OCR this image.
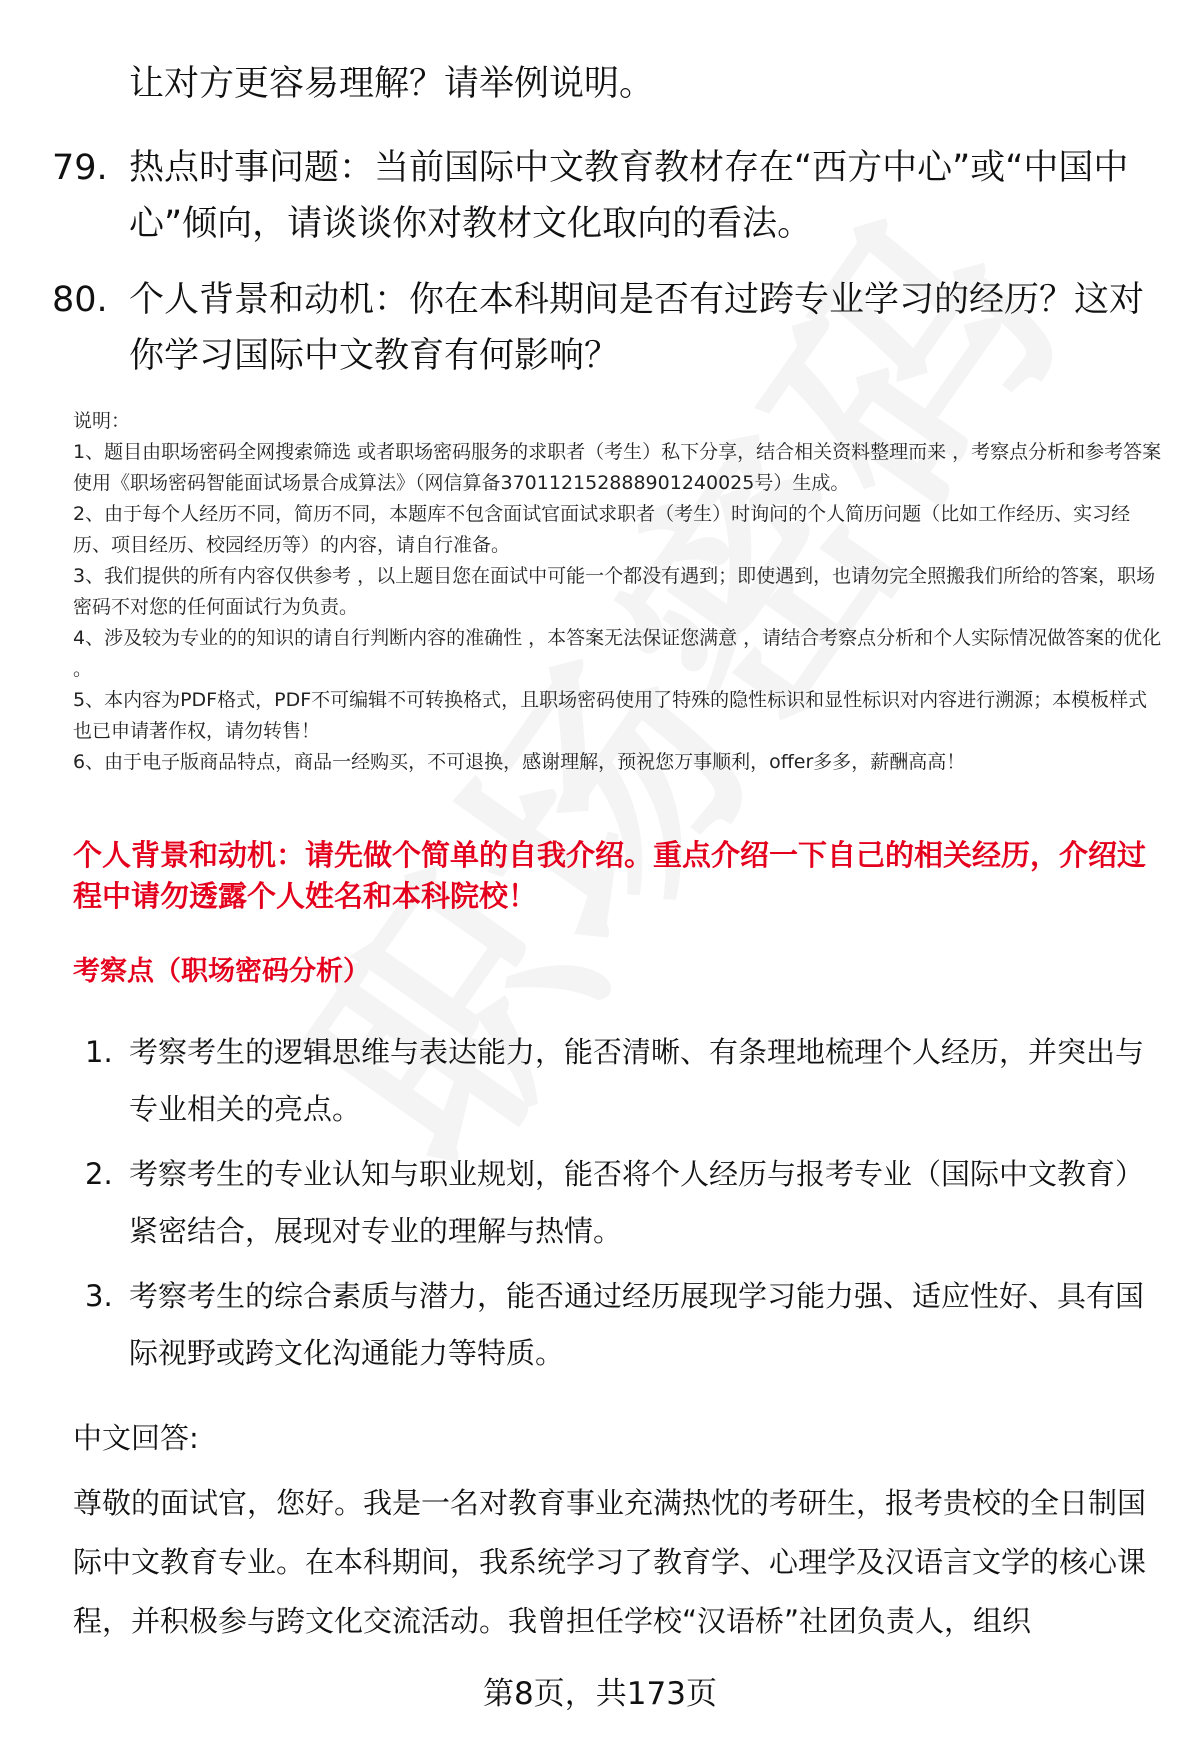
让对方更容易理解？请举例说明。
79. 热点时事问题：当前国际中文教育教材存在“西方中心”或“中国中心”倾向，请谈谈你对教材文化取向的看法。
80. 个人背景和动机：你在本科期间是否有过跨专业学习的经历？这对你学习国际中文教育有何影响？

说明：

1、题目由职场密码全网搜索筛选 或者职场密码服务的求职者（考生）私下分享，结合相关资料整理而来 ，考察点分析和参考答案使用《职场密码智能面试场景合成算法》（网信算备370112152888901240025号）生成。

2、由于每个人经历不同，简历不同，本题库不包含面试官面试求职者（考生）时询问的个人简历问题（比如工作经历、实习经历、项目经历、校园经历等）的内容，请自行准备。

3、我们提供的所有内容仅供参考 ，以上题目您在面试中可能一个都没有遇到；即使遇到，也请勿完全照搬我们所给的答案，职场密码不对您的任何面试行为负责。

4、涉及较为专业的的知识的请自行判断内容的准确性 ，本答案无法保证您满意 ，请结合考察点分析和个人实际情况做答案的优化 。

5、本内容为PDF格式，PDF不可编辑不可转换格式，且职场密码使用了特殊的隐性标识和显性标识对内容进行溯源；本模板样式也已申请著作权，请勿转售！

6、由于电子版商品特点，商品一经购买，不可退换，感谢理解，预祝您万事顺利，offer多多，薪酬高高！

个人背景和动机：请先做个简单的自我介绍。重点介绍一下自己的相关经历，介绍过程中请勿透露个人姓名和本科院校！
考察点（职场密码分析）
1. 考察考生的逻辑思维与表达能力，能否清晰、有条理地梳理个人经历，并突出与专业相关的亮点。
2. 考察考生的专业认知与职业规划，能否将个人经历与报考专业（国际中文教育）紧密结合，展现对专业的理解与热情。
3. 考察考生的综合素质与潜力，能否通过经历展现学习能力强、适应性好、具有国际视野或跨文化沟通能力等特质。
中文回答:
尊敬的面试官，您好。我是一名对教育事业充满热忱的考研生，报考贵校的全日制国际中文教育专业。在本科期间，我系统学习了教育学、心理学及汉语言文学的核心课程，并积极参与跨文化交流活动。我曾担任学校“汉语桥”社团负责人，组织
第8页，共173页
